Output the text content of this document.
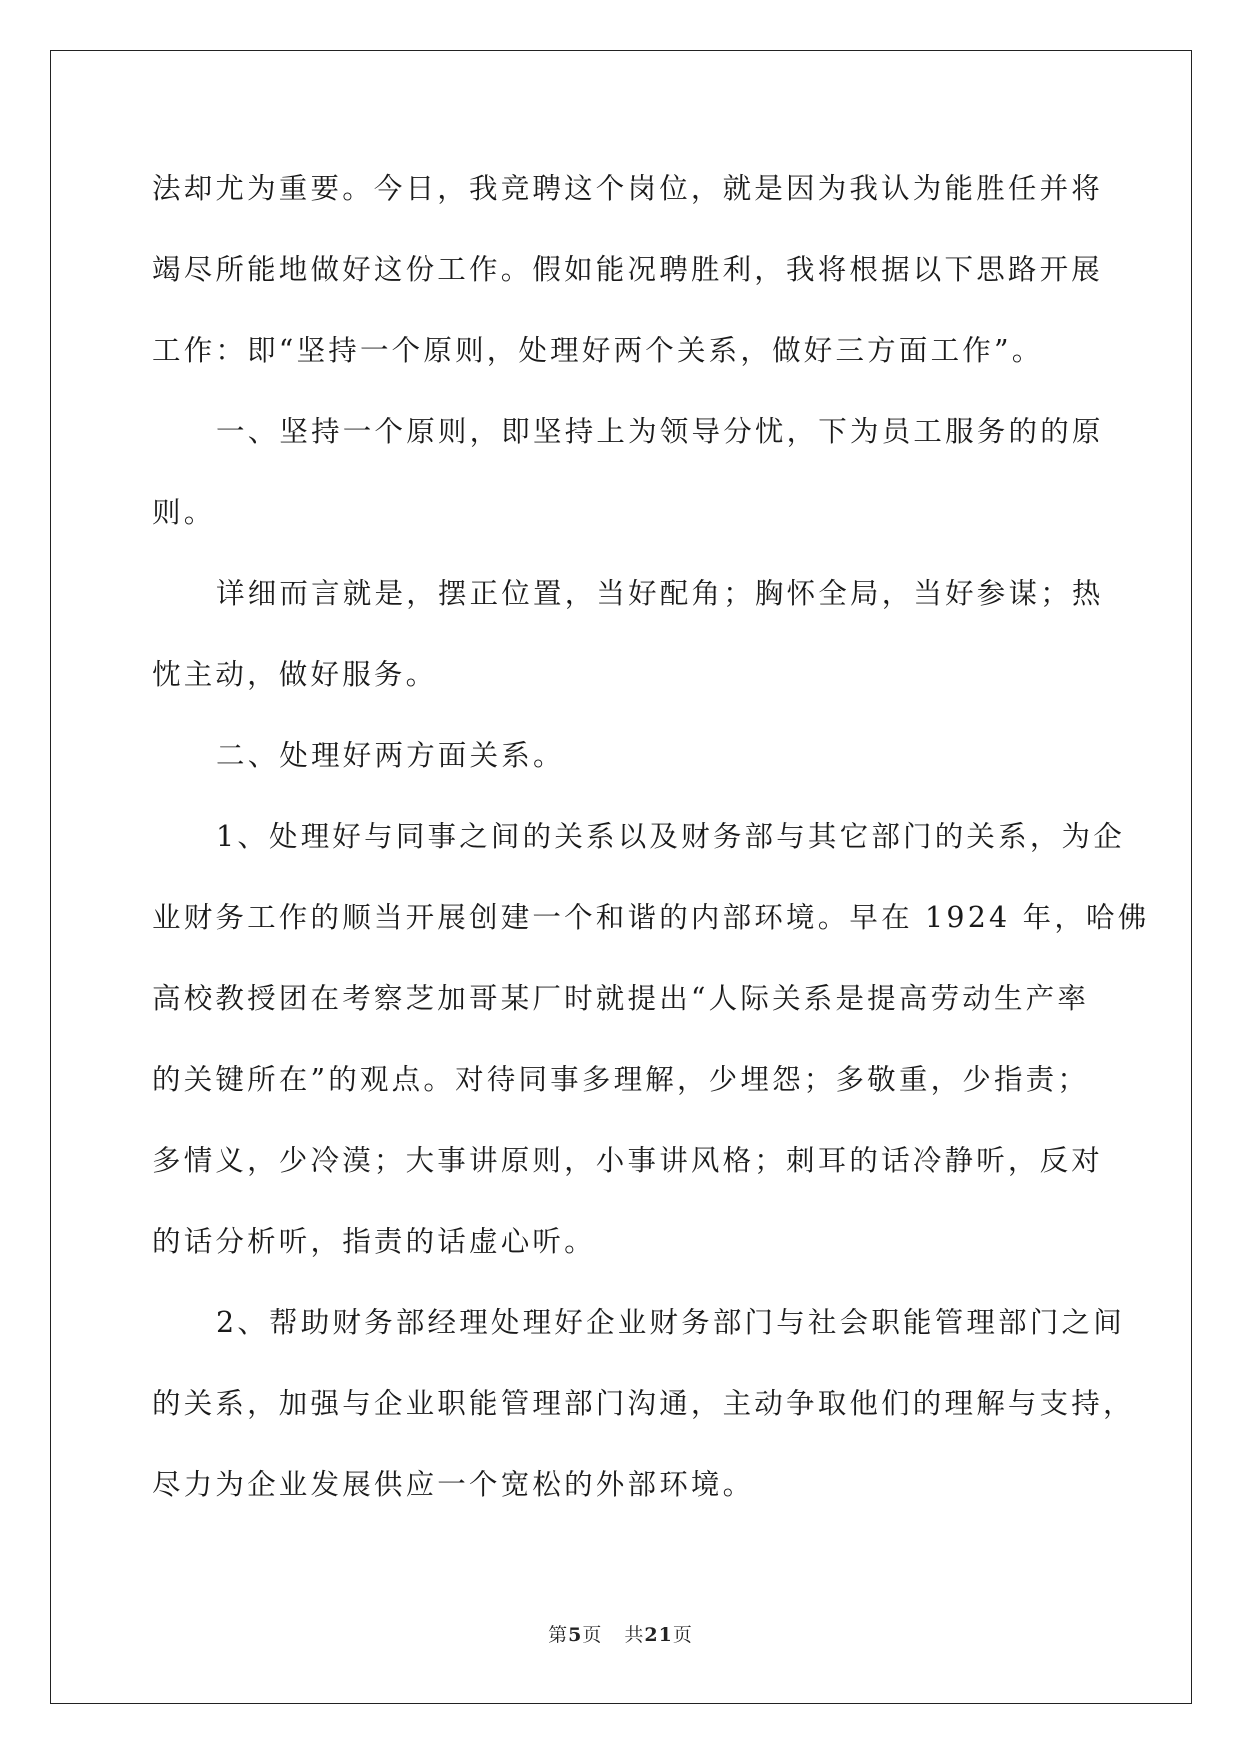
法却尤为重要。今日，我竞聘这个岗位，就是因为我认为能胜任并将
竭尽所能地做好这份工作。假如能况聘胜利，我将根据以下思路开展
工作：即“坚持一个原则，处理好两个关系，做好三方面工作”。
一、坚持一个原则，即坚持上为领导分忧，下为员工服务的的原
则。
详细而言就是，摆正位置，当好配角；胸怀全局，当好参谋；热
忱主动，做好服务。
二、处理好两方面关系。
1、处理好与同事之间的关系以及财务部与其它部门的关系，为企
业财务工作的顺当开展创建一个和谐的内部环境。早在 1924 年，哈佛
高校教授团在考察芝加哥某厂时就提出“人际关系是提高劳动生产率
的关键所在”的观点。对待同事多理解，少埋怨；多敬重，少指责；
多情义，少冷漠；大事讲原则，小事讲风格；刺耳的话冷静听，反对
的话分析听，指责的话虚心听。
2、帮助财务部经理处理好企业财务部门与社会职能管理部门之间
的关系，加强与企业职能管理部门沟通，主动争取他们的理解与支持，
尽力为企业发展供应一个宽松的外部环境。
第5页 共21页
